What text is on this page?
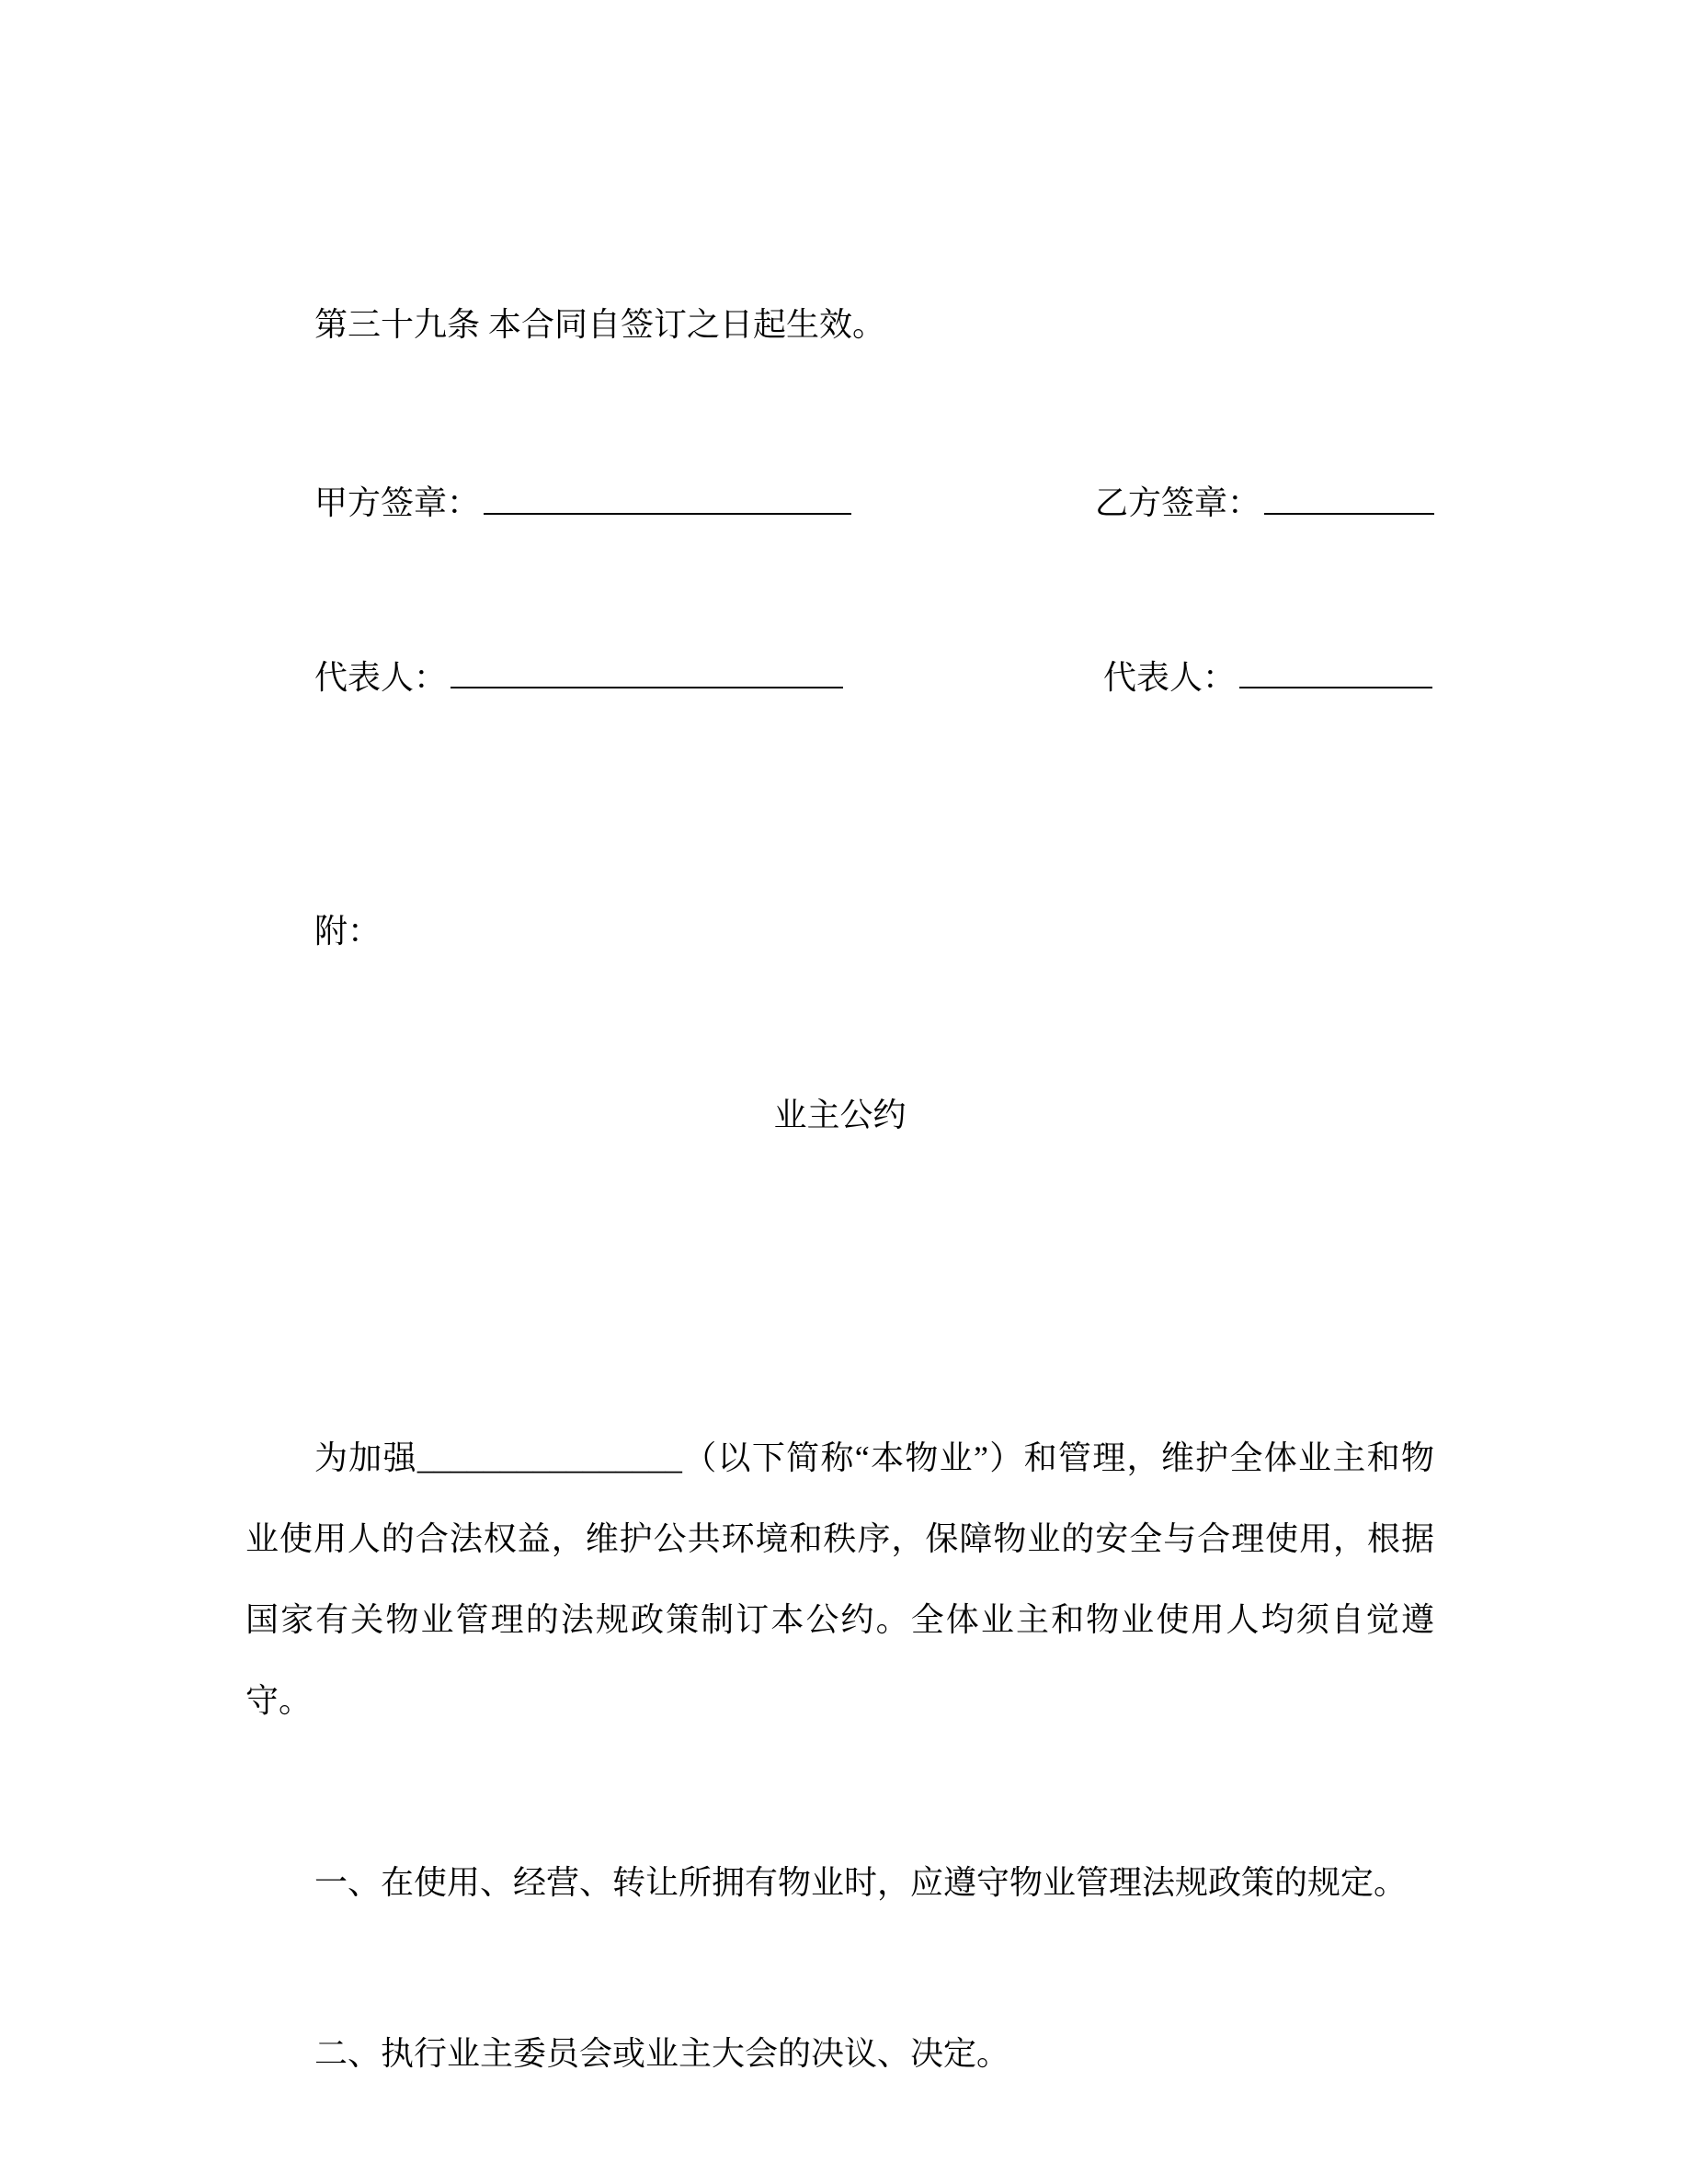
第三十九条 本合同自签订之日起生效。

甲方签章：	乙方签章：
代表人：	代表人：

附：

业主公约

为加强________________（以下简称“本物业”）和管理，维护全体业主和物业使用人的合法权益，维护公共环境和秩序，保障物业的安全与合理使用，根据国家有关物业管理的法规政策制订本公约。全体业主和物业使用人均须自觉遵守。

一、在使用、经营、转让所拥有物业时，应遵守物业管理法规政策的规定。

二、执行业主委员会或业主大会的决议、决定。
